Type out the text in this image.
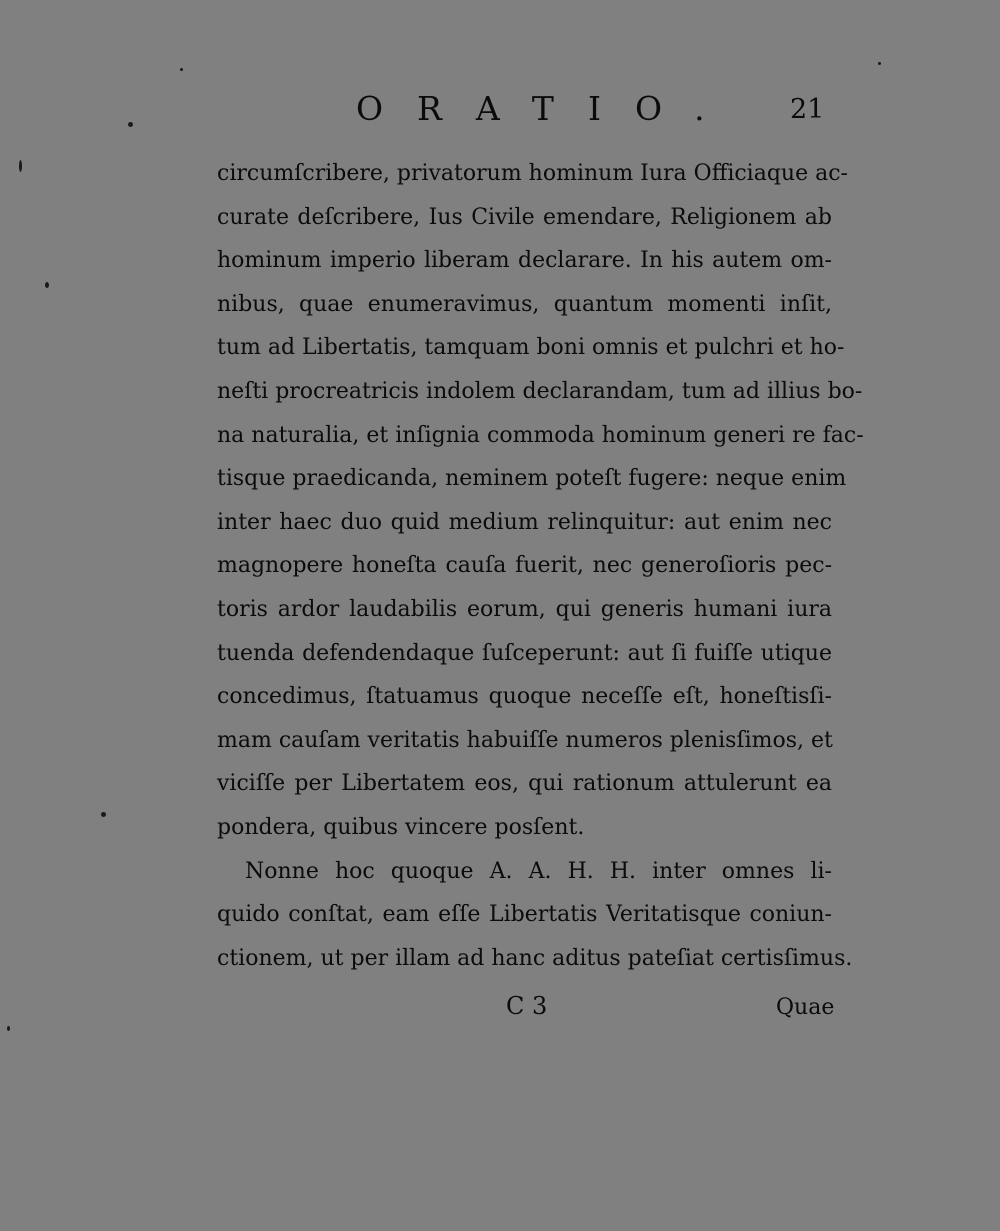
ORATIO. 21
circumſcribere, privatorum hominum Iura Officiaque ac-
curate deſcribere, Ius Civile emendare, Religionem ab
hominum imperio liberam declarare. In his autem om-
nibus, quae enumeravimus, quantum momenti inſit,
tum ad Libertatis, tamquam boni omnis et pulchri et ho-
neſti procreatricis indolem declarandam, tum ad illius bo-
na naturalia, et inſignia commoda hominum generi re fac-
tisque praedicanda, neminem poteſt fugere: neque enim
inter haec duo quid medium relinquitur: aut enim nec
magnopere honeſta cauſa fuerit, nec generoſioris pec-
toris ardor laudabilis eorum, qui generis humani iura
tuenda defendendaque ſuſceperunt: aut ſi fuiſſe utique
concedimus, ſtatuamus quoque neceſſe eſt, honeſtisſi-
mam cauſam veritatis habuiſſe numeros plenisſimos, et
viciſſe per Libertatem eos, qui rationum attulerunt ea
pondera, quibus vincere posſent.
Nonne hoc quoque A. A. H. H. inter omnes li-
quido conſtat, eam eſſe Libertatis Veritatisque coniun-
ctionem, ut per illam ad hanc aditus pateſiat certisſimus.
C 3	Quae
